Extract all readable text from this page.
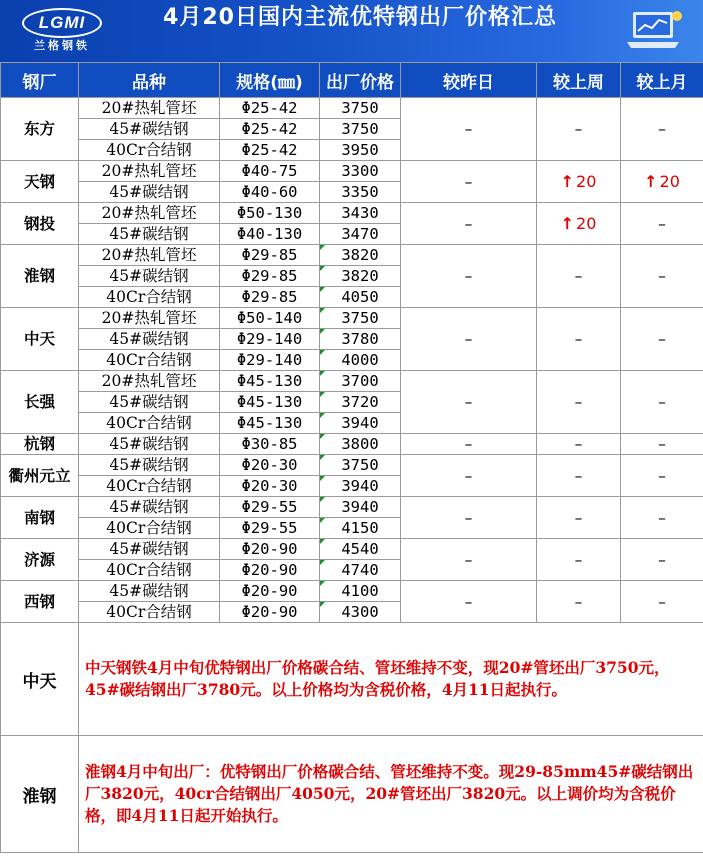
LGMI
兰格钢铁
4月20日国内主流优特钢出厂价格汇总
钢厂	品种	规格(㎜)	出厂价格	较昨日	较上周	较上月
东方	20#热轧管坯	Φ25-42	3750	–	–	–
	45#碳结钢	Φ25-42	3750			
	40Cr合结钢	Φ25-42	3950			
天钢	20#热轧管坯	Φ40-75	3300	–	↑ 20	↑ 20
	45#碳结钢	Φ40-60	3350			
钢投	20#热轧管坯	Φ50-130	3430	–	↑ 20	–
	45#碳结钢	Φ40-130	3470			
淮钢	20#热轧管坯	Φ29-85	3820	–	–	–
	45#碳结钢	Φ29-85	3820			
	40Cr合结钢	Φ29-85	4050			
中天	20#热轧管坯	Φ50-140	3750	–	–	–
	45#碳结钢	Φ29-140	3780			
	40Cr合结钢	Φ29-140	4000			
长强	20#热轧管坯	Φ45-130	3700	–	–	–
	45#碳结钢	Φ45-130	3720			
	40Cr合结钢	Φ45-130	3940			
杭钢	45#碳结钢	Φ30-85	3800	–	–	–
衢州元立	45#碳结钢	Φ20-30	3750	–	–	–
	40Cr合结钢	Φ20-30	3940			
南钢	45#碳结钢	Φ29-55	3940	–	–	–
	40Cr合结钢	Φ29-55	4150			
济源	45#碳结钢	Φ20-90	4540	–	–	–
	40Cr合结钢	Φ20-90	4740			
西钢	45#碳结钢	Φ20-90	4100	–	–	–
	40Cr合结钢	Φ20-90	4300			
中天	中天钢铁4月中旬优特钢出厂价格碳合结、管坯维持不变，现20#管坯出厂3750元，45#碳结钢出厂3780元。以上价格均为含税价格，4月11日起执行。					
淮钢	淮钢4月中旬出厂：优特钢出厂价格碳合结、管坯维持不变。现29-85mm45#碳结钢出厂3820元，40cr合结钢出厂4050元，20#管坯出厂3820元。以上调价均为含税价格，即4月11日起开始执行。					
